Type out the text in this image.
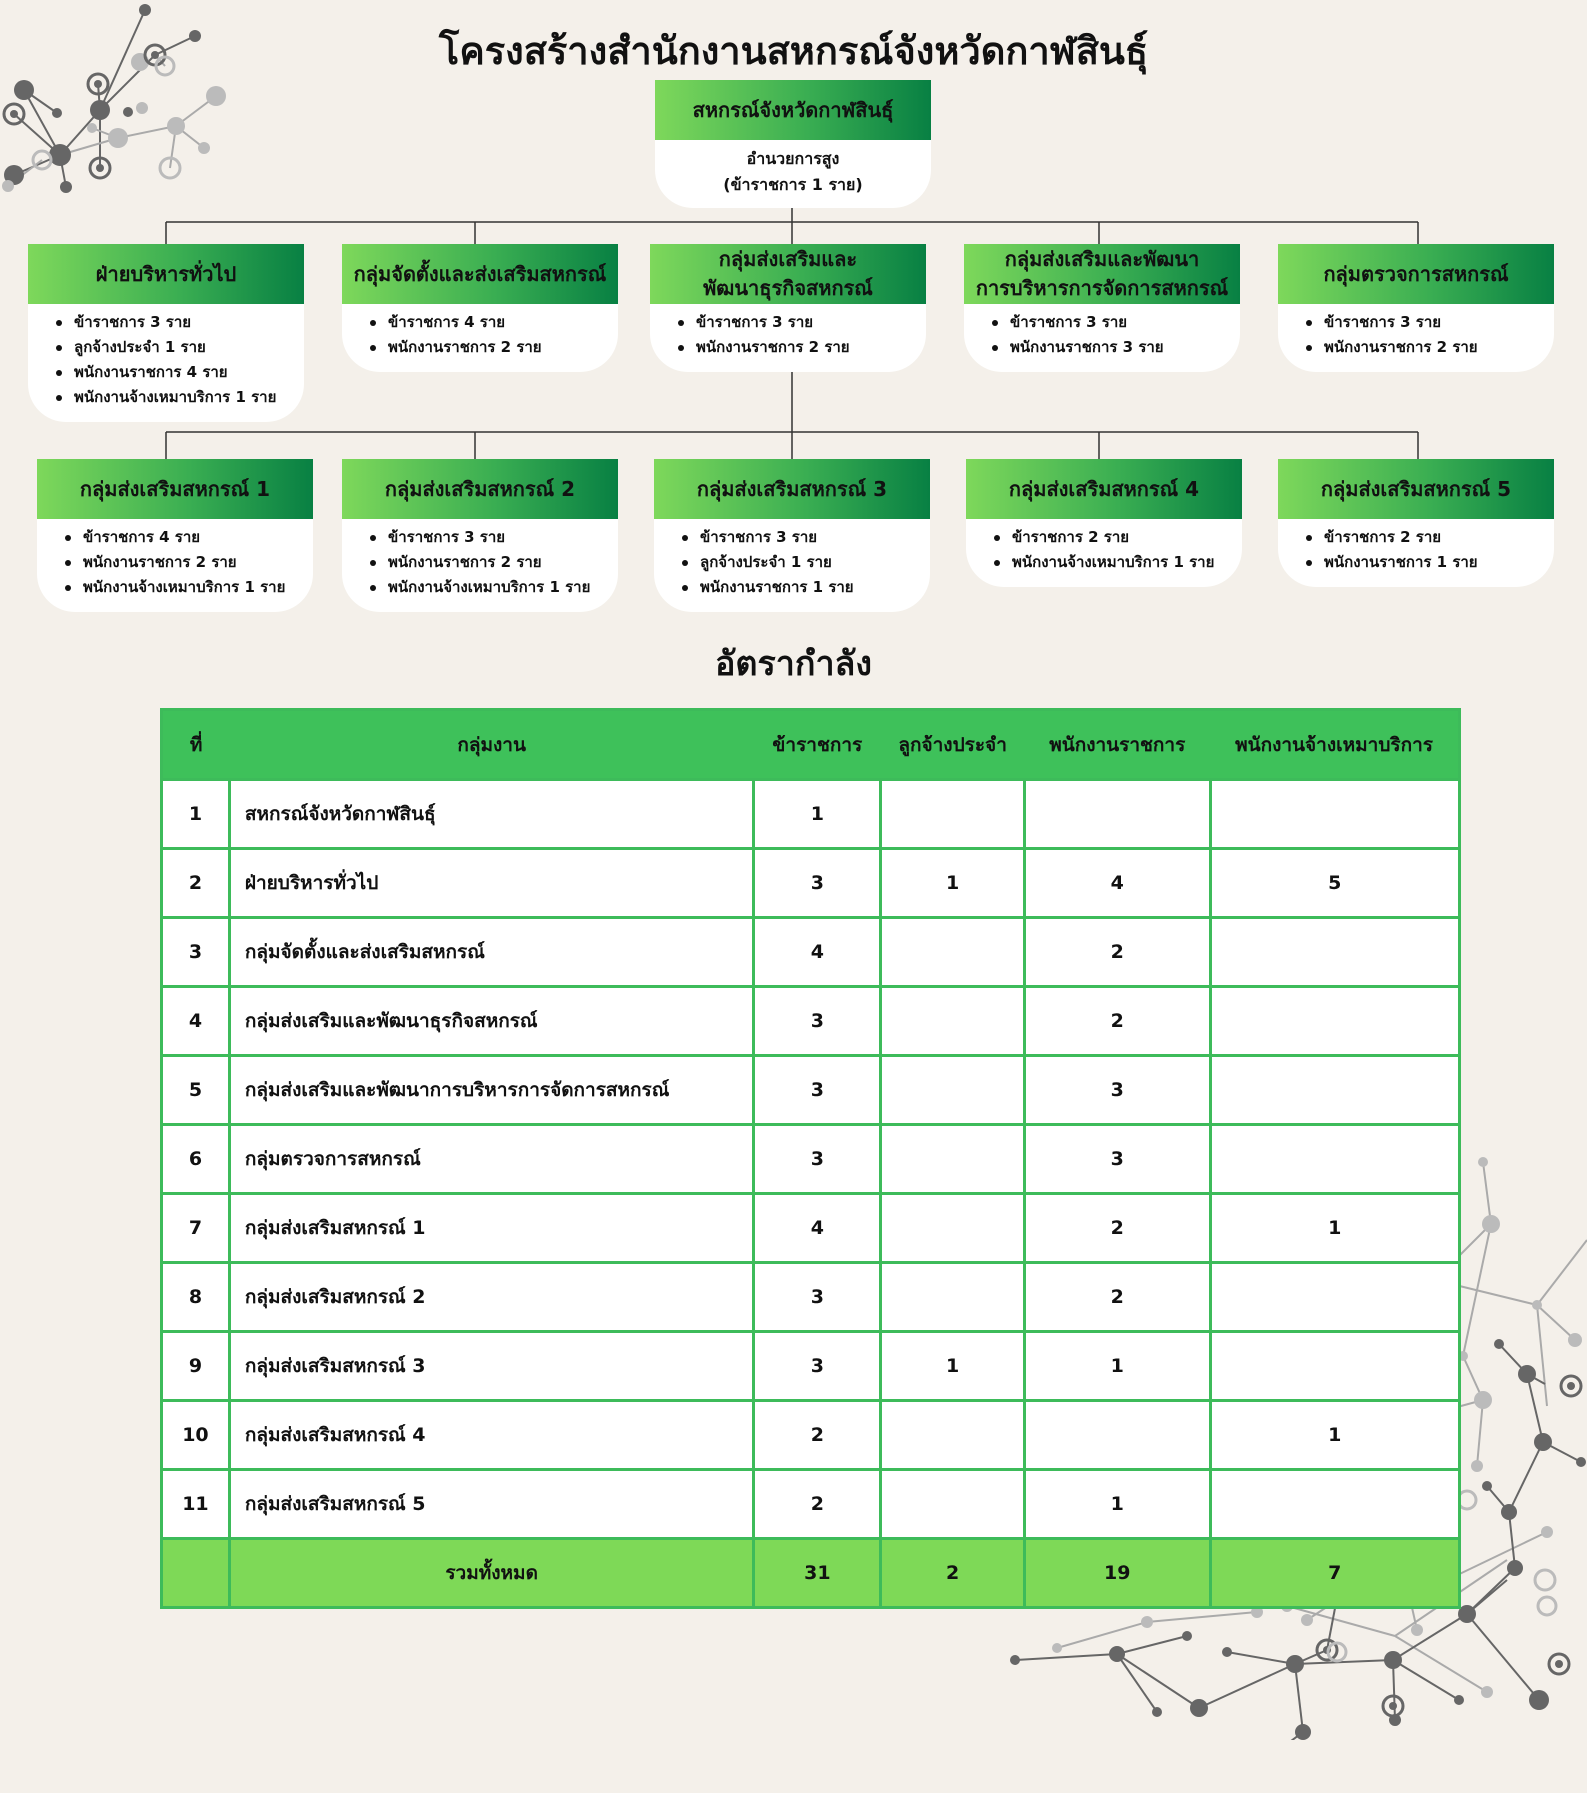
โครงสร้างสำนักงานสหกรณ์จังหวัดกาฬสินธุ์
สหกรณ์จังหวัดกาฬสินธุ์
อำนวยการสูง
(ข้าราชการ 1 ราย)
ฝ่ายบริหารทั่วไป
ข้าราชการ 3 ราย
ลูกจ้างประจำ 1 ราย
พนักงานราชการ 4 ราย
พนักงานจ้างเหมาบริการ 1 ราย
กลุ่มจัดตั้งและส่งเสริมสหกรณ์
ข้าราชการ 4 ราย
พนักงานราชการ 2 ราย
กลุ่มส่งเสริมและ
พัฒนาธุรกิจสหกรณ์
ข้าราชการ 3 ราย
พนักงานราชการ 2 ราย
กลุ่มส่งเสริมและพัฒนา
การบริหารการจัดการสหกรณ์
ข้าราชการ 3 ราย
พนักงานราชการ 3 ราย
กลุ่มตรวจการสหกรณ์
ข้าราชการ 3 ราย
พนักงานราชการ 2 ราย
กลุ่มส่งเสริมสหกรณ์ 1
ข้าราชการ 4 ราย
พนักงานราชการ 2 ราย
พนักงานจ้างเหมาบริการ 1 ราย
กลุ่มส่งเสริมสหกรณ์ 2
ข้าราชการ 3 ราย
พนักงานราชการ 2 ราย
พนักงานจ้างเหมาบริการ 1 ราย
กลุ่มส่งเสริมสหกรณ์ 3
ข้าราชการ 3 ราย
ลูกจ้างประจำ 1 ราย
พนักงานราชการ 1 ราย
กลุ่มส่งเสริมสหกรณ์ 4
ข้าราชการ 2 ราย
พนักงานจ้างเหมาบริการ 1 ราย
กลุ่มส่งเสริมสหกรณ์ 5
ข้าราชการ 2 ราย
พนักงานราชการ 1 ราย
อัตรากำลัง
ที่	กลุ่มงาน	ข้าราชการ	ลูกจ้างประจำ	พนักงานราชการ	พนักงานจ้างเหมาบริการ
1	สหกรณ์จังหวัดกาฬสินธุ์	1			
2	ฝ่ายบริหารทั่วไป	3	1	4	5
3	กลุ่มจัดตั้งและส่งเสริมสหกรณ์	4		2	
4	กลุ่มส่งเสริมและพัฒนาธุรกิจสหกรณ์	3		2	
5	กลุ่มส่งเสริมและพัฒนาการบริหารการจัดการสหกรณ์	3		3	
6	กลุ่มตรวจการสหกรณ์	3		3	
7	กลุ่มส่งเสริมสหกรณ์ 1	4		2	1
8	กลุ่มส่งเสริมสหกรณ์ 2	3		2	
9	กลุ่มส่งเสริมสหกรณ์ 3	3	1	1	
10	กลุ่มส่งเสริมสหกรณ์ 4	2			1
11	กลุ่มส่งเสริมสหกรณ์ 5	2		1	
	รวมทั้งหมด	31	2	19	7
